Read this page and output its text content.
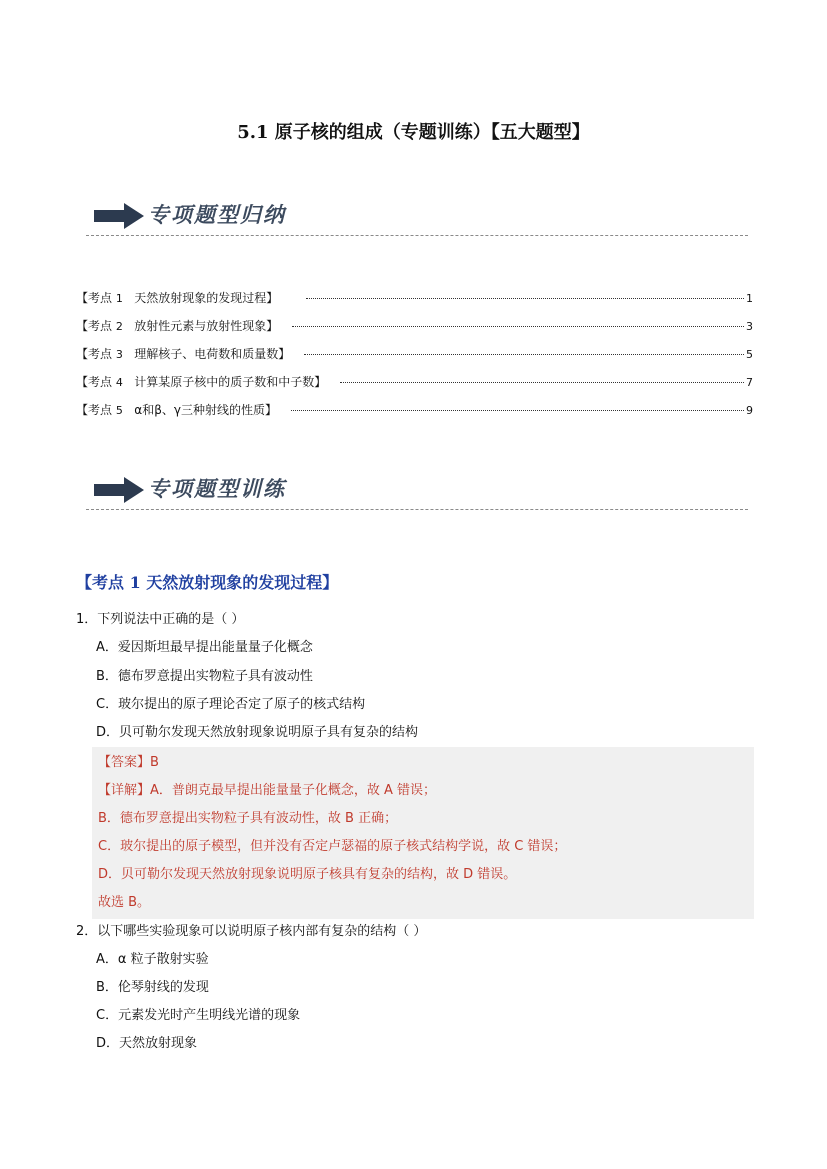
5.1 原子核的组成（专题训练）【五大题型】
专项题型归纳
【考点 1 天然放射现象的发现过程】	1
【考点 2 放射性元素与放射性现象】	3
【考点 3 理解核子、电荷数和质量数】	5
【考点 4 计算某原子核中的质子数和中子数】	7
【考点 5 α和β、γ三种射线的性质】	9
专项题型训练
【考点 1 天然放射现象的发现过程】
1．下列说法中正确的是（ ）
A．爱因斯坦最早提出能量量子化概念
B．德布罗意提出实物粒子具有波动性
C．玻尔提出的原子理论否定了原子的核式结构
D．贝可勒尔发现天然放射现象说明原子具有复杂的结构
【答案】B
【详解】A．普朗克最早提出能量量子化概念，故 A 错误；
B．德布罗意提出实物粒子具有波动性，故 B 正确；
C．玻尔提出的原子模型，但并没有否定卢瑟福的原子核式结构学说，故 C 错误；
D．贝可勒尔发现天然放射现象说明原子核具有复杂的结构，故 D 错误。
故选 B。
2．以下哪些实验现象可以说明原子核内部有复杂的结构（ ）
A．α 粒子散射实验
B．伦琴射线的发现
C．元素发光时产生明线光谱的现象
D．天然放射现象
